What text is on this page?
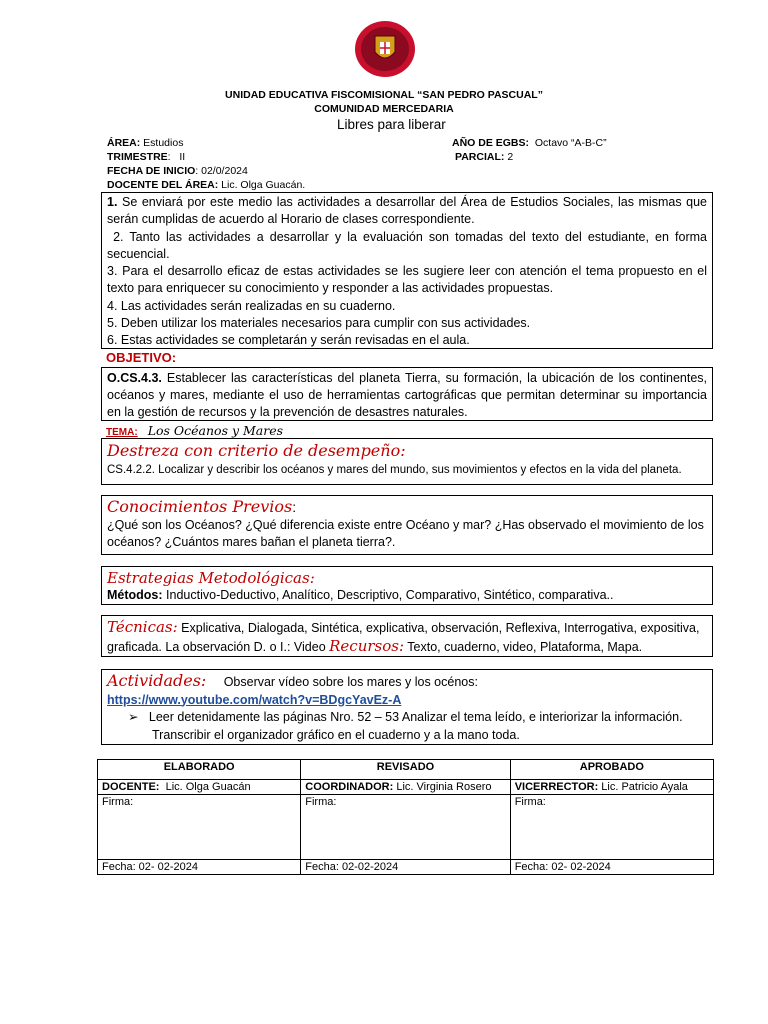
UNIDAD EDUCATIVA FISCOMISIONAL “SAN PEDRO PASCUAL”
COMUNIDAD MERCEDARIA
Libres para liberar
ÁREA: Estudios	AÑO DE EGBS: Octavo “A-B-C”
TRIMESTRE:   II	PARCIAL: 2
FECHA DE INICIO: 02/0/2024
DOCENTE DEL ÁREA: Lic. Olga Guacán.

1. Se enviará por este medio las actividades a desarrollar del Área de Estudios Sociales, las mismas que serán cumplidas de acuerdo al Horario de clases correspondiente.

2. Tanto las actividades a desarrollar y la evaluación son tomadas del texto del estudiante, en forma secuencial.

3. Para el desarrollo eficaz de estas actividades se les sugiere leer con atención el tema propuesto en el texto para enriquecer su conocimiento y responder a las actividades propuestas.

4. Las actividades serán realizadas en su cuaderno.

5. Deben utilizar los materiales necesarios para cumplir con sus actividades.

6. Estas actividades se completarán y serán revisadas en el aula.

OBJETIVO:
O.CS.4.3. Establecer las características del planeta Tierra, su formación, la ubicación de los continentes, océanos y mares, mediante el uso de herramientas cartográficas que permitan determinar su importancia en la gestión de recursos y la prevención de desastres naturales.
TEMA: Los Océanos y Mares
Destreza con criterio de desempeño:
CS.4.2.2. Localizar y describir los océanos y mares del mundo, sus movimientos y efectos en la vida del planeta.
Conocimientos Previos:
¿Qué son los Océanos? ¿Qué diferencia existe entre Océano y mar? ¿Has observado el movimiento de los océanos? ¿Cuántos mares bañan el planeta tierra?.
Estrategias Metodológicas:
Métodos: Inductivo-Deductivo, Analítico, Descriptivo, Comparativo, Sintético, comparativa..
Técnicas: Explicativa, Dialogada, Sintética, explicativa, observación, Reflexiva, Interrogativa, expositiva, graficada. La observación D. o I.: Video Recursos: Texto, cuaderno, video, Plataforma, Mapa.
Actividades: Observar vídeo sobre los mares y los océnos:
https://www.youtube.com/watch?v=BDgcYavEz-A
➢ Leer detenidamente las páginas Nro. 52 – 53 Analizar el tema leído, e interiorizar la información. Transcribir el organizador gráfico en el cuaderno y a la mano toda.
ELABORADO	REVISADO	APROBADO
DOCENTE: Lic. Olga Guacán	COORDINADOR: Lic. Virginia Rosero	VICERRECTOR: Lic. Patricio Ayala
Firma:	Firma:	Firma:
Fecha: 02- 02-2024	Fecha: 02-02-2024	Fecha: 02- 02-2024
